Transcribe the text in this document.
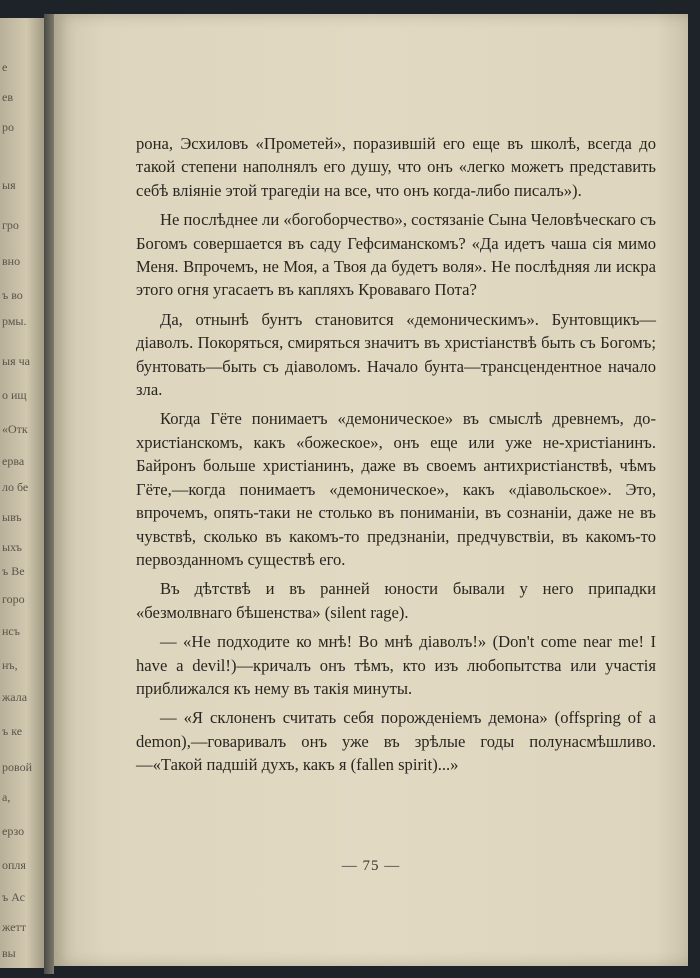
е
ев
ро
ыя
гро
вно
ъ во
рмы.
ыя ча
о ищ
«Отк
ерва
ло бе
ывъ
ыхъ
ъ Ве
горо
нсъ
нъ,
жала
ъ ке
ровой
а,
ерзо
опля
ъ Ас
жетт
вы

рона, Эсхиловъ «Прометей», поразившій его еще въ школѣ, всегда до такой степени наполнялъ его душу, что онъ «легко можетъ представить себѣ вліяніе этой трагедіи на все, что онъ когда-либо писалъ»).

Не послѣднее ли «богоборчество», состязаніе Сына Человѣческаго съ Богомъ совершается въ саду Гефсиманскомъ? «Да идетъ чаша сія мимо Меня. Впрочемъ, не Моя, а Твоя да будетъ воля». Не послѣдняя ли искра этого огня угасаетъ въ капляхъ Кроваваго Пота?

Да, отнынѣ бунтъ становится «демоническимъ». Бунтовщикъ—діаволъ. Покоряться, смиряться значитъ въ христіанствѣ быть съ Богомъ; бунтовать—быть съ діаволомъ. Начало бунта—трансцендентное начало зла.

Когда Гёте понимаетъ «демоническое» въ смыслѣ древнемъ, до-христіанскомъ, какъ «божеское», онъ еще или уже не-христіанинъ. Байронъ больше христіанинъ, даже въ своемъ антихристіанствѣ, чѣмъ Гёте,—когда понимаетъ «демоническое», какъ «діавольское». Это, впрочемъ, опять-таки не столько въ пониманіи, въ сознаніи, даже не въ чувствѣ, сколько въ какомъ-то предзнаніи, предчувствіи, въ какомъ-то первозданномъ существѣ его.

Въ дѣтствѣ и въ ранней юности бывали у него припадки «безмолвнаго бѣшенства» (silent rage).

— «Не подходите ко мнѣ! Во мнѣ діаволъ!» (Don't come near me! I have a devil!)—кричалъ онъ тѣмъ, кто изъ любопытства или участія приближался къ нему въ такія минуты.

— «Я склоненъ считать себя порожденіемъ демона» (offspring of a demon),—говаривалъ онъ уже въ зрѣлые годы полунасмѣшливо.—«Такой падшій духъ, какъ я (fallen spirit)...»

— 75 —
